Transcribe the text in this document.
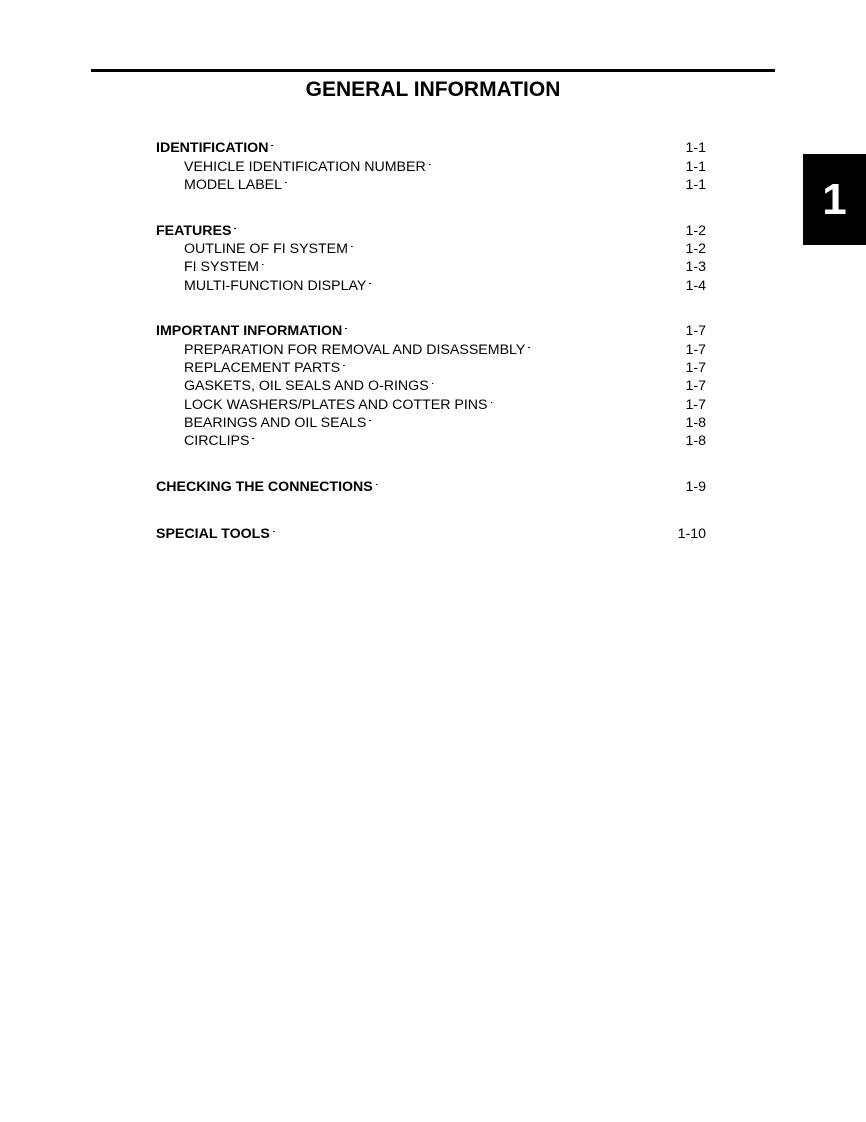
GENERAL INFORMATION
1
IDENTIFICATION . . .	1-1
VEHICLE IDENTIFICATION NUMBER . . .	1-1
MODEL LABEL . . .	1-1
FEATURES . . .	1-2
OUTLINE OF FI SYSTEM . . .	1-2
FI SYSTEM . . .	1-3
MULTI-FUNCTION DISPLAY . . .	1-4
IMPORTANT INFORMATION . . .	1-7
PREPARATION FOR REMOVAL AND DISASSEMBLY . . .	1-7
REPLACEMENT PARTS . . .	1-7
GASKETS, OIL SEALS AND O-RINGS . . .	1-7
LOCK WASHERS/PLATES AND COTTER PINS . . .	1-7
BEARINGS AND OIL SEALS . . .	1-8
CIRCLIPS . . .	1-8
CHECKING THE CONNECTIONS . . .	1-9
SPECIAL TOOLS . . .	1-10
